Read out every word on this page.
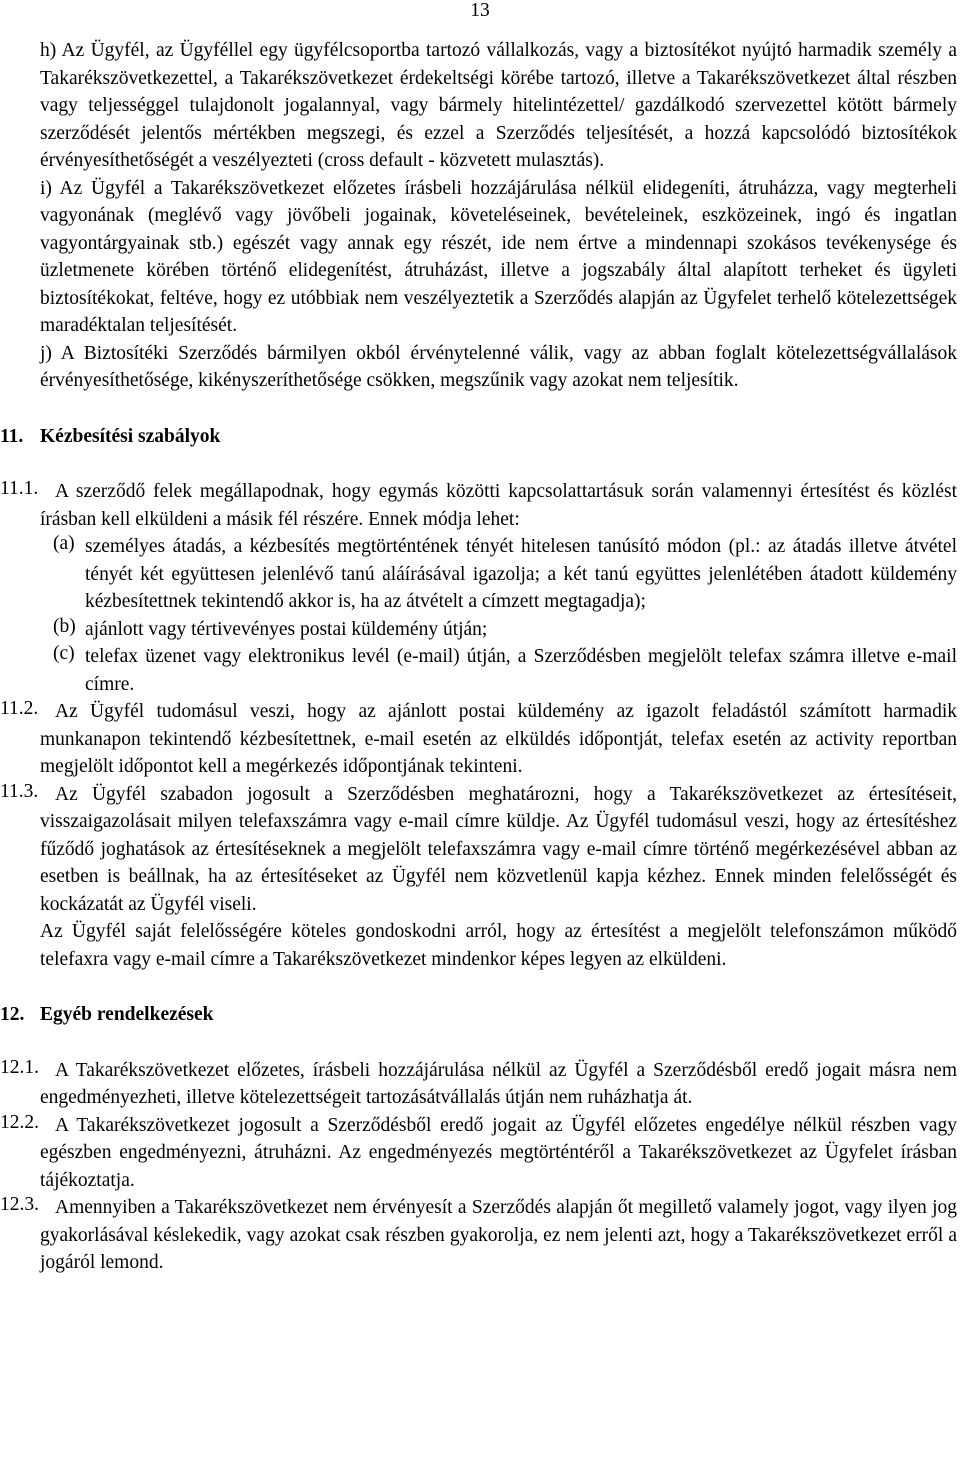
13

h) Az Ügyfél, az Ügyféllel egy ügyfélcsoportba tartozó vállalkozás, vagy a biztosítékot nyújtó harmadik személy a Takarékszövetkezettel, a Takarékszövetkezet érdekeltségi körébe tartozó, illetve a Takarékszövetkezet által részben vagy teljességgel tulajdonolt jogalannyal, vagy bármely hitelintézettel/ gazdálkodó szervezettel kötött bármely szerződését jelentős mértékben megszegi, és ezzel a Szerződés teljesítését, a hozzá kapcsolódó biztosítékok érvényesíthetőségét a veszélyezteti (cross default - közvetett mulasztás).

i) Az Ügyfél a Takarékszövetkezet előzetes írásbeli hozzájárulása nélkül elidegeníti, átruházza, vagy megterheli vagyonának (meglévő vagy jövőbeli jogainak, követeléseinek, bevételeinek, eszközeinek, ingó és ingatlan vagyontárgyainak stb.) egészét vagy annak egy részét, ide nem értve a mindennapi szokásos tevékenysége és üzletmenete körében történő elidegenítést, átruházást, illetve a jogszabály által alapított terheket és ügyleti biztosítékokat, feltéve, hogy ez utóbbiak nem veszélyeztetik a Szerződés alapján az Ügyfelet terhelő kötelezettségek maradéktalan teljesítését.

j) A Biztosítéki Szerződés bármilyen okból érvénytelenné válik, vagy az abban foglalt kötelezettségvállalások érvényesíthetősége, kikényszeríthetősége csökken, megszűnik vagy azokat nem teljesítik.

11. Kézbesítési szabályok
11.1. A szerződő felek megállapodnak, hogy egymás közötti kapcsolattartásuk során valamennyi értesítést és közlést írásban kell elküldeni a másik fél részére. Ennek módja lehet:

(a) személyes átadás, a kézbesítés megtörténtének tényét hitelesen tanúsító módon (pl.: az átadás illetve átvétel tényét két együttesen jelenlévő tanú aláírásával igazolja; a két tanú együttes jelenlétében átadott küldemény kézbesítettnek tekintendő akkor is, ha az átvételt a címzett megtagadja);

(b) ajánlott vagy tértivevényes postai küldemény útján;

(c) telefax üzenet vagy elektronikus levél (e-mail) útján, a Szerződésben megjelölt telefax számra illetve e-mail címre.

11.2. Az Ügyfél tudomásul veszi, hogy az ajánlott postai küldemény az igazolt feladástól számított harmadik munkanapon tekintendő kézbesítettnek, e-mail esetén az elküldés időpontját, telefax esetén az activity reportban megjelölt időpontot kell a megérkezés időpontjának tekinteni.

11.3. Az Ügyfél szabadon jogosult a Szerződésben meghatározni, hogy a Takarékszövetkezet az értesítéseit, visszaigazolásait milyen telefaxszámra vagy e-mail címre küldje. Az Ügyfél tudomásul veszi, hogy az értesítéshez fűződő joghatások az értesítéseknek a megjelölt telefaxszámra vagy e-mail címre történő megérkezésével abban az esetben is beállnak, ha az értesítéseket az Ügyfél nem közvetlenül kapja kézhez. Ennek minden felelősségét és kockázatát az Ügyfél viseli.

Az Ügyfél saját felelősségére köteles gondoskodni arról, hogy az értesítést a megjelölt telefonszámon működő telefaxra vagy e-mail címre a Takarékszövetkezet mindenkor képes legyen az elküldeni.

12. Egyéb rendelkezések
12.1. A Takarékszövetkezet előzetes, írásbeli hozzájárulása nélkül az Ügyfél a Szerződésből eredő jogait másra nem engedményezheti, illetve kötelezettségeit tartozásátvállalás útján nem ruházhatja át.

12.2. A Takarékszövetkezet jogosult a Szerződésből eredő jogait az Ügyfél előzetes engedélye nélkül részben vagy egészben engedményezni, átruházni. Az engedményezés megtörténtéről a Takarékszövetkezet az Ügyfelet írásban tájékoztatja.

12.3. Amennyiben a Takarékszövetkezet nem érvényesít a Szerződés alapján őt megillető valamely jogot, vagy ilyen jog gyakorlásával késlekedik, vagy azokat csak részben gyakorolja, ez nem jelenti azt, hogy a Takarékszövetkezet erről a jogáról lemond.
